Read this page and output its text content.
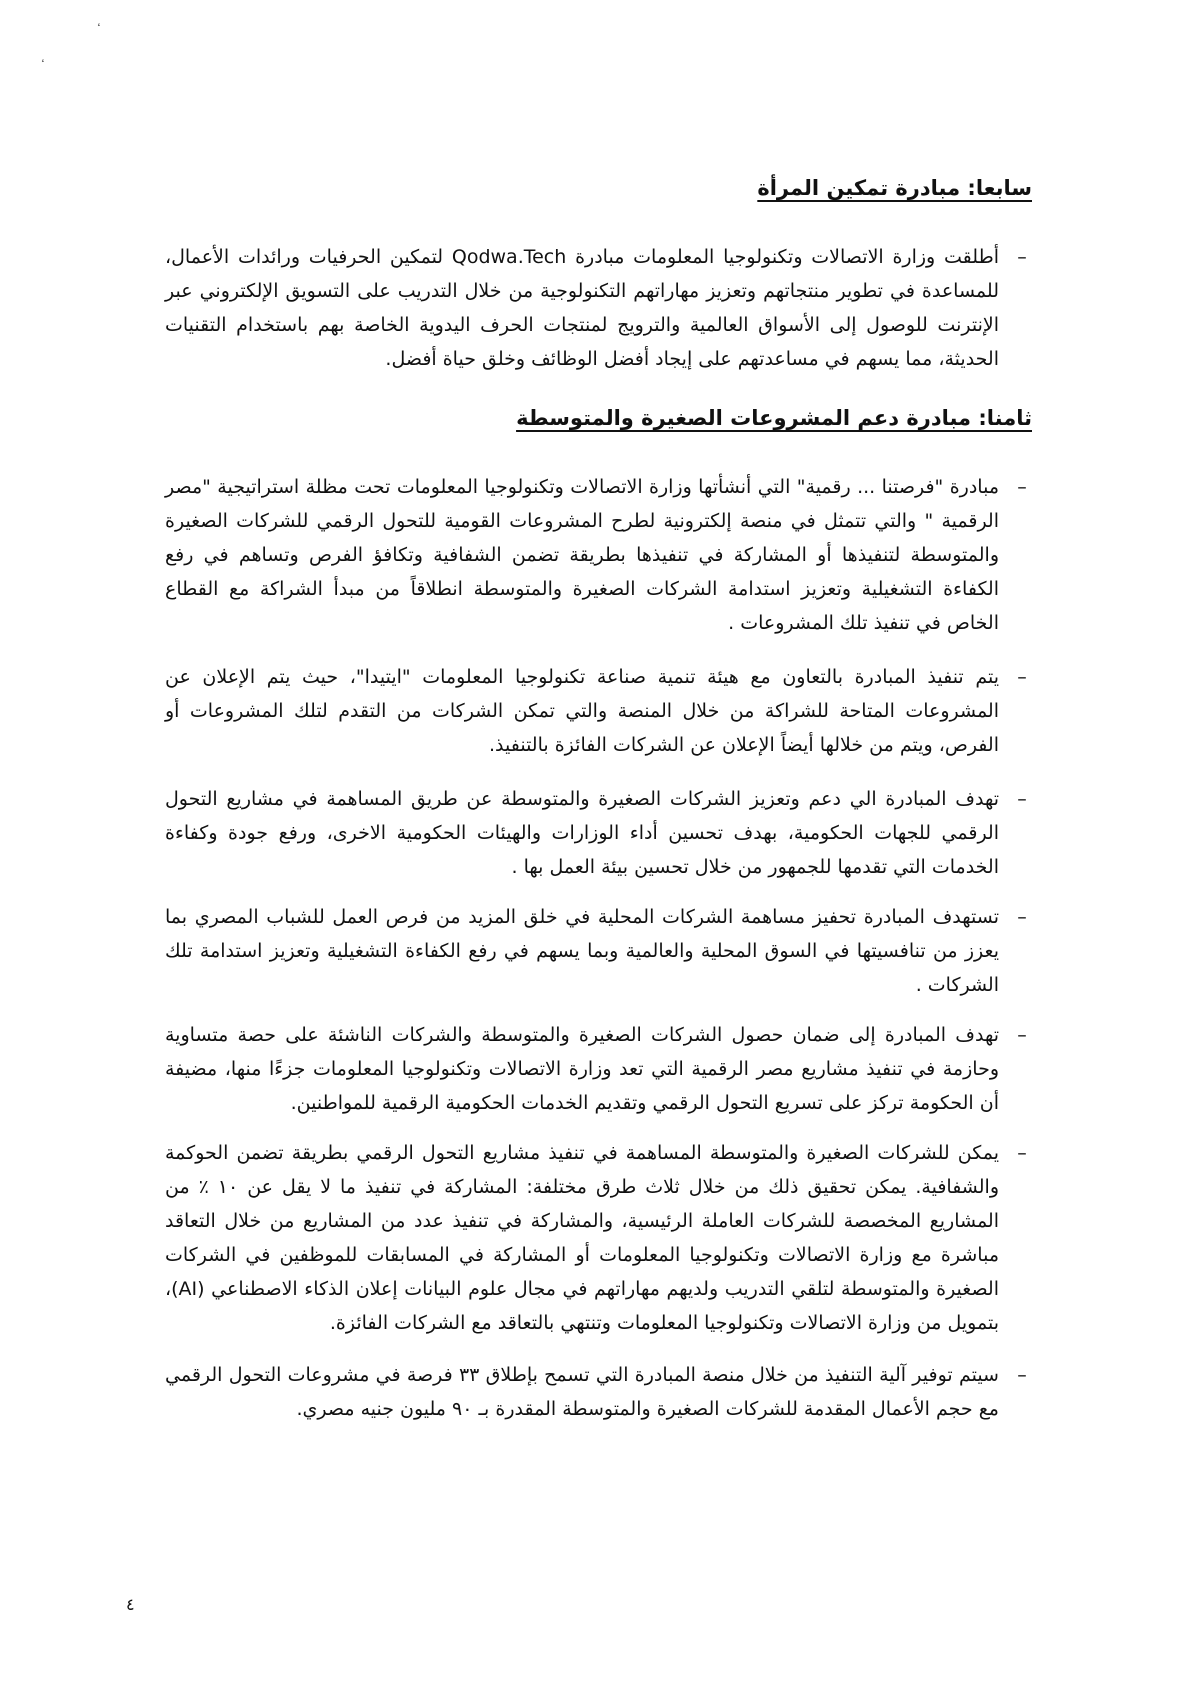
سابعا: مبادرة تمكين المرأة

–
أطلقت وزارة الاتصالات وتكنولوجيا المعلومات مبادرة Qodwa.Tech لتمكين الحرفيات ورائدات الأعمال، للمساعدة في تطوير منتجاتهم وتعزيز مهاراتهم التكنولوجية من خلال التدريب على التسويق الإلكتروني عبر الإنترنت للوصول إلى الأسواق العالمية والترويج لمنتجات الحرف اليدوية الخاصة بهم باستخدام التقنيات الحديثة، مما يسهم في مساعدتهم على إيجاد أفضل الوظائف وخلق حياة أفضل.

ثامنا: مبادرة دعم المشروعات الصغيرة والمتوسطة

–
مبادرة "فرصتنا ... رقمية" التي أنشأتها وزارة الاتصالات وتكنولوجيا المعلومات تحت مظلة استراتيجية "مصر الرقمية " والتي تتمثل في منصة إلكترونية لطرح المشروعات القومية للتحول الرقمي للشركات الصغيرة والمتوسطة لتنفيذها أو المشاركة في تنفيذها بطريقة تضمن الشفافية وتكافؤ الفرص وتساهم في رفع الكفاءة التشغيلية وتعزيز استدامة الشركات الصغيرة والمتوسطة انطلاقاً من مبدأ الشراكة مع القطاع الخاص في تنفيذ تلك المشروعات .

–
يتم تنفيذ المبادرة بالتعاون مع هيئة تنمية صناعة تكنولوجيا المعلومات "ايتيدا"، حيث يتم الإعلان عن المشروعات المتاحة للشراكة من خلال المنصة والتي تمكن الشركات من التقدم لتلك المشروعات أو الفرص، ويتم من خلالها أيضاً الإعلان عن الشركات الفائزة بالتنفيذ.

–
تهدف المبادرة الي دعم وتعزيز الشركات الصغيرة والمتوسطة عن طريق المساهمة في مشاريع التحول الرقمي للجهات الحكومية، بهدف تحسين أداء الوزارات والهيئات الحكومية الاخرى، ورفع جودة وكفاءة الخدمات التي تقدمها للجمهور من خلال تحسين بيئة العمل بها .

–
تستهدف المبادرة تحفيز مساهمة الشركات المحلية في خلق المزيد من فرص العمل للشباب المصري بما يعزز من تنافسيتها في السوق المحلية والعالمية وبما يسهم في رفع الكفاءة التشغيلية وتعزيز استدامة تلك الشركات .

–
تهدف المبادرة إلى ضمان حصول الشركات الصغيرة والمتوسطة والشركات الناشئة على حصة متساوية وحازمة في تنفيذ مشاريع مصر الرقمية التي تعد وزارة الاتصالات وتكنولوجيا المعلومات جزءًا منها، مضيفة أن الحكومة تركز على تسريع التحول الرقمي وتقديم الخدمات الحكومية الرقمية للمواطنين.

–
يمكن للشركات الصغيرة والمتوسطة المساهمة في تنفيذ مشاريع التحول الرقمي بطريقة تضمن الحوكمة والشفافية. يمكن تحقيق ذلك من خلال ثلاث طرق مختلفة: المشاركة في تنفيذ ما لا يقل عن ١٠ ٪ من المشاريع المخصصة للشركات العاملة الرئيسية، والمشاركة في تنفيذ عدد من المشاريع من خلال التعاقد مباشرة مع وزارة الاتصالات وتكنولوجيا المعلومات أو المشاركة في المسابقات للموظفين في الشركات الصغيرة والمتوسطة لتلقي التدريب ولديهم مهاراتهم في مجال علوم البيانات إعلان الذكاء الاصطناعي (AI)، بتمويل من وزارة الاتصالات وتكنولوجيا المعلومات وتنتهي بالتعاقد مع الشركات الفائزة.

–
سيتم توفير آلية التنفيذ من خلال منصة المبادرة التي تسمح بإطلاق ٣٣ فرصة في مشروعات التحول الرقمي مع حجم الأعمال المقدمة للشركات الصغيرة والمتوسطة المقدرة بـ ٩٠ مليون جنيه مصري.

٤
